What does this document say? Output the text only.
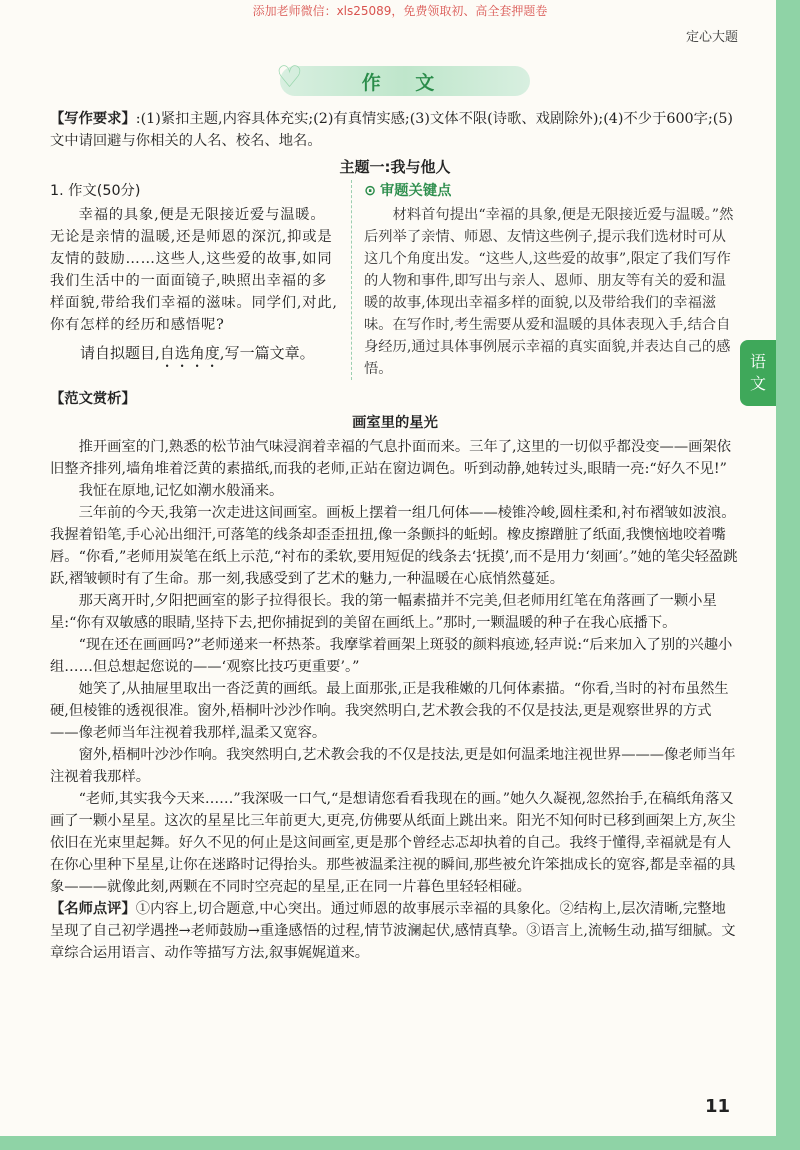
添加老师微信：xls25089，免费领取初、高全套押题卷
定心大题
语
文
♡	作 文

【写作要求】:(1)紧扣主题,内容具体充实;(2)有真情实感;(3)文体不限(诗歌、戏剧除外);(4)不少于600字;(5)文中请回避与你相关的人名、校名、地名。

主题一:我与他人

1. 作文(50分)

幸福的具象,便是无限接近爱与温暖。无论是亲情的温暖,还是师恩的深沉,抑或是友情的鼓励……这些人,这些爱的故事,如同我们生活中的一面面镜子,映照出幸福的多样面貌,带给我们幸福的滋味。同学们,对此,你有怎样的经历和感悟呢?

请自拟题目,自选角度,写一篇文章。

⊙ 审题关键点

材料首句提出“幸福的具象,便是无限接近爱与温暖。”然后列举了亲情、师恩、友情这些例子,提示我们选材时可从这几个角度出发。“这些人,这些爱的故事”,限定了我们写作的人物和事件,即写出与亲人、恩师、朋友等有关的爱和温暖的故事,体现出幸福多样的面貌,以及带给我们的幸福滋味。在写作时,考生需要从爱和温暖的具体表现入手,结合自身经历,通过具体事例展示幸福的真实面貌,并表达自己的感悟。

【范文赏析】

画室里的星光

推开画室的门,熟悉的松节油气味浸润着幸福的气息扑面而来。三年了,这里的一切似乎都没变——画架依旧整齐排列,墙角堆着泛黄的素描纸,而我的老师,正站在窗边调色。听到动静,她转过头,眼睛一亮:“好久不见!”

我怔在原地,记忆如潮水般涌来。

三年前的今天,我第一次走进这间画室。画板上摆着一组几何体——棱锥冷峻,圆柱柔和,衬布褶皱如波浪。我握着铅笔,手心沁出细汗,可落笔的线条却歪歪扭扭,像一条颤抖的蚯蚓。橡皮擦蹭脏了纸面,我懊恼地咬着嘴唇。“你看,”老师用炭笔在纸上示范,“衬布的柔软,要用短促的线条去‘抚摸’,而不是用力‘刻画’。”她的笔尖轻盈跳跃,褶皱顿时有了生命。那一刻,我感受到了艺术的魅力,一种温暖在心底悄然蔓延。

那天离开时,夕阳把画室的影子拉得很长。我的第一幅素描并不完美,但老师用红笔在角落画了一颗小星星:“你有双敏感的眼睛,坚持下去,把你捕捉到的美留在画纸上。”那时,一颗温暖的种子在我心底播下。

“现在还在画画吗?”老师递来一杯热茶。我摩挲着画架上斑驳的颜料痕迹,轻声说:“后来加入了别的兴趣小组……但总想起您说的——‘观察比技巧更重要’。”

她笑了,从抽屉里取出一沓泛黄的画纸。最上面那张,正是我稚嫩的几何体素描。“你看,当时的衬布虽然生硬,但棱锥的透视很准。窗外,梧桐叶沙沙作响。我突然明白,艺术教会我的不仅是技法,更是观察世界的方式——像老师当年注视着我那样,温柔又宽容。

窗外,梧桐叶沙沙作响。我突然明白,艺术教会我的不仅是技法,更是如何温柔地注视世界———像老师当年注视着我那样。

“老师,其实我今天来……”我深吸一口气,“是想请您看看我现在的画。”她久久凝视,忽然抬手,在稿纸角落又画了一颗小星星。这次的星星比三年前更大,更亮,仿佛要从纸面上跳出来。阳光不知何时已移到画架上方,灰尘依旧在光束里起舞。好久不见的何止是这间画室,更是那个曾经忐忑却执着的自己。我终于懂得,幸福就是有人在你心里种下星星,让你在迷路时记得抬头。那些被温柔注视的瞬间,那些被允许笨拙成长的宽容,都是幸福的具象———就像此刻,两颗在不同时空亮起的星星,正在同一片暮色里轻轻相碰。

【名师点评】①内容上,切合题意,中心突出。通过师恩的故事展示幸福的具象化。②结构上,层次清晰,完整地呈现了自己初学遇挫→老师鼓励→重逢感悟的过程,情节波澜起伏,感情真挚。③语言上,流畅生动,描写细腻。文章综合运用语言、动作等描写方法,叙事娓娓道来。

11
